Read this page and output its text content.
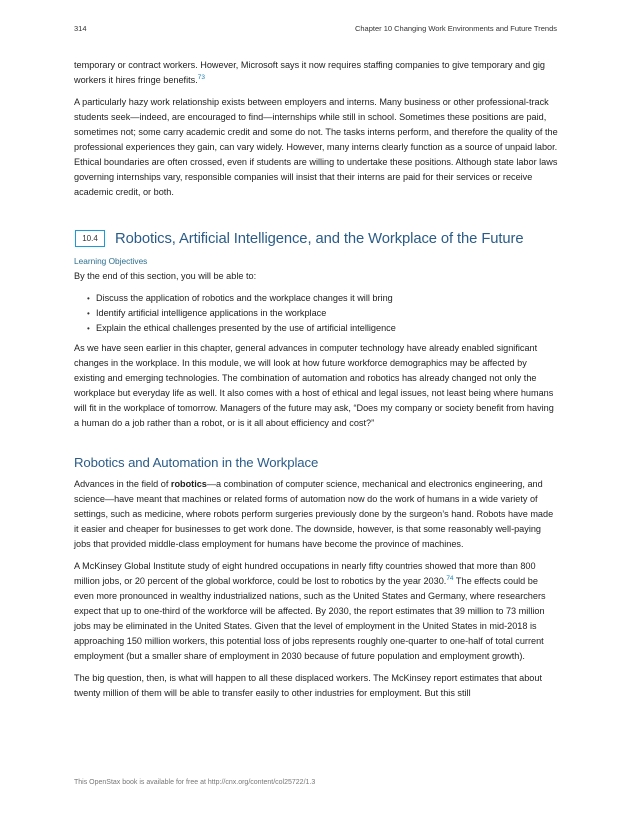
314	Chapter 10 Changing Work Environments and Future Trends

temporary or contract workers. However, Microsoft says it now requires staffing companies to give temporary and gig workers it hires fringe benefits.$^{73}$

A particularly hazy work relationship exists between employers and interns. Many business or other professional-track students seek—indeed, are encouraged to find—internships while still in school. Sometimes these positions are paid, sometimes not; some carry academic credit and some do not. The tasks interns perform, and therefore the quality of the professional experiences they gain, can vary widely. However, many interns clearly function as a source of unpaid labor. Ethical boundaries are often crossed, even if students are willing to undertake these positions. Although state labor laws governing internships vary, responsible companies will insist that their interns are paid for their services or receive academic credit, or both.

10.4	Robotics, Artificial Intelligence, and the Workplace of the Future
Learning Objectives

By the end of this section, you will be able to:

• Discuss the application of robotics and the workplace changes it will bring
• Identify artificial intelligence applications in the workplace
• Explain the ethical challenges presented by the use of artificial intelligence

As we have seen earlier in this chapter, general advances in computer technology have already enabled significant changes in the workplace. In this module, we will look at how future workforce demographics may be affected by existing and emerging technologies. The combination of automation and robotics has already changed not only the workplace but everyday life as well. It also comes with a host of ethical and legal issues, not least being where humans will fit in the workplace of tomorrow. Managers of the future may ask, “Does my company or society benefit from having a human do a job rather than a robot, or is it all about efficiency and cost?”

Robotics and Automation in the Workplace

Advances in the field of robotics—a combination of computer science, mechanical and electronics engineering, and science—have meant that machines or related forms of automation now do the work of humans in a wide variety of settings, such as medicine, where robots perform surgeries previously done by the surgeon’s hand. Robots have made it easier and cheaper for businesses to get work done. The downside, however, is that some reasonably well-paying jobs that provided middle-class employment for humans have become the province of machines.

A McKinsey Global Institute study of eight hundred occupations in nearly fifty countries showed that more than 800 million jobs, or 20 percent of the global workforce, could be lost to robotics by the year 2030.74 The effects could be even more pronounced in wealthy industrialized nations, such as the United States and Germany, where researchers expect that up to one-third of the workforce will be affected. By 2030, the report estimates that 39 million to 73 million jobs may be eliminated in the United States. Given that the level of employment in the United States in mid-2018 is approaching 150 million workers, this potential loss of jobs represents roughly one-quarter to one-half of total current employment (but a smaller share of employment in 2030 because of future population and employment growth).

The big question, then, is what will happen to all these displaced workers. The McKinsey report estimates that about twenty million of them will be able to transfer easily to other industries for employment. But this still

This OpenStax book is available for free at http://cnx.org/content/col25722/1.3
